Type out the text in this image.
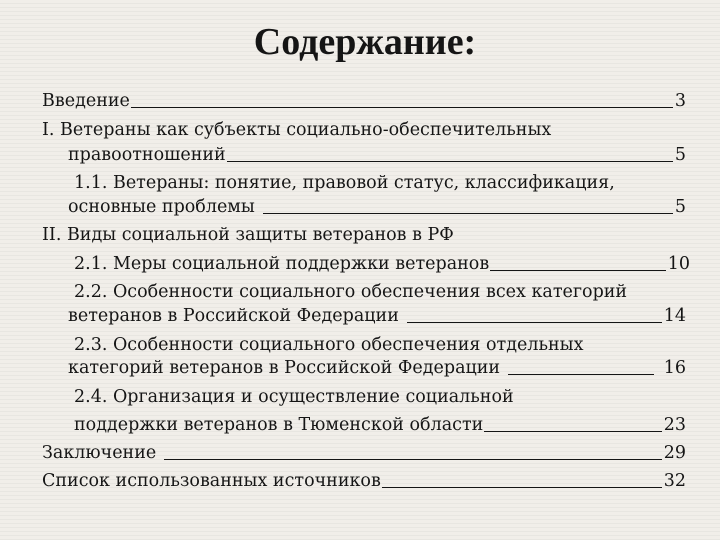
Содержание:
Введение	3
I. Ветераны как субъекты социально-обеспечительных
правоотношений	5
1.1. Ветераны: понятие, правовой статус, классификация,
основные проблемы	5
II. Виды социальной защиты ветеранов в РФ
2.1. Меры социальной поддержки ветеранов	10
2.2. Особенности социального обеспечения всех категорий
ветеранов в Российской Федерации	14
2.3. Особенности социального обеспечения отдельных
категорий ветеранов в Российской Федерации	16
2.4. Организация и осуществление социальной
поддержки ветеранов в Тюменской области	23
Заключение	29
Список использованных источников	32
